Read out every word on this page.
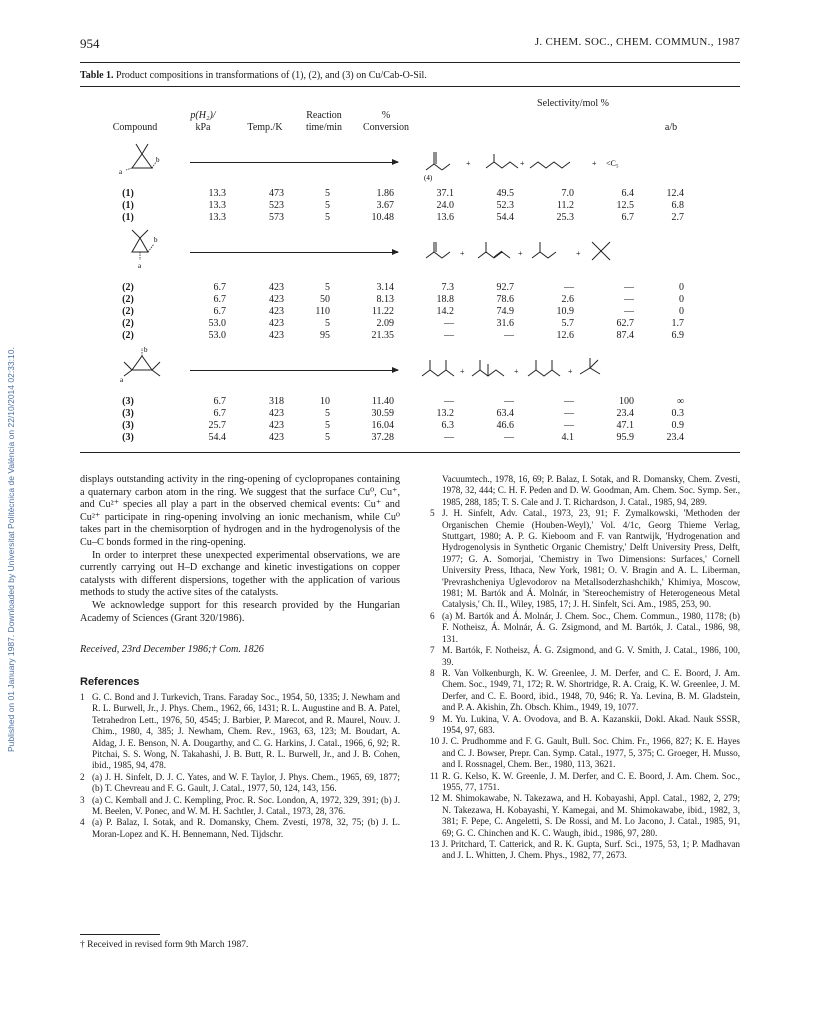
Published on 01 January 1987. Downloaded by Universitat Politècnica de València on 22/10/2014 02:33:10.
954	J. CHEM. SOC., CHEM. COMMUN., 1987
Table 1. Product compositions in transformations of (1), (2), and (3) on Cu/Cab-O-Sil.
Selectivity/mol %
Compound
p(H₂)/
kPa	Temp./K
Reaction
time/min
%
Conversion	a/b
a
b
(4)
+	+	+ <C₅
(1)	13.3	473	5	1.86	37.1	49.5	7.0	6.4	12.4
(1)	13.3	523	5	3.67	24.0	52.3	11.2	12.5	6.8
(1)	13.3	573	5	10.48	13.6	54.4	25.3	6.7	2.7
b
a
+	+	+
(2)	6.7	423	5	3.14	7.3	92.7	—	—	0
(2)	6.7	423	50	8.13	18.8	78.6	2.6	—	0
(2)	6.7	423	110	11.22	14.2	74.9	10.9	—	0
(2)	53.0	423	5	2.09	—	31.6	5.7	62.7	1.7
(2)	53.0	423	95	21.35	—	—	12.6	87.4	6.9
b
a
+	+	+
(3)	6.7	318	10	11.40	—	—	—	100	∞
(3)	6.7	423	5	30.59	13.2	63.4	—	23.4	0.3
(3)	25.7	423	5	16.04	6.3	46.6	—	47.1	0.9
(3)	54.4	423	5	37.28	—	—	4.1	95.9	23.4

displays outstanding activity in the ring-opening of cyclopropanes containing a quaternary carbon atom in the ring. We suggest that the surface Cu⁰, Cu⁺, and Cu²⁺ species all play a part in the observed chemical events: Cu⁺ and Cu²⁺ participate in ring-opening involving an ionic mechanism, while Cu⁰ takes part in the chemisorption of hydrogen and in the hydrogenolysis of the Cu–C bonds formed in the ring-opening.

In order to interpret these unexpected experimental observations, we are currently carrying out H–D exchange and kinetic investigations on copper catalysts with different dispersions, together with the application of various methods to study the active sites of the catalysts.

We acknowledge support for this research provided by the Hungarian Academy of Sciences (Grant 320/1986).

Received, 23rd December 1986;† Com. 1826
References

1 G. C. Bond and J. Turkevich, Trans. Faraday Soc., 1954, 50, 1335; J. Newham and R. L. Burwell, Jr., J. Phys. Chem., 1962, 66, 1431; R. L. Augustine and B. A. Patel, Tetrahedron Lett., 1976, 50, 4545; J. Barbier, P. Marecot, and R. Maurel, Nouv. J. Chim., 1980, 4, 385; J. Newham, Chem. Rev., 1963, 63, 123; M. Boudart, A. Aldag, J. E. Benson, N. A. Dougarthy, and C. G. Harkins, J. Catal., 1966, 6, 92; R. Pitchai, S. S. Wong, N. Takahashi, J. B. Butt, R. L. Burwell, Jr., and J. B. Cohen, ibid., 1985, 94, 478.

2 (a) J. H. Sinfelt, D. J. C. Yates, and W. F. Taylor, J. Phys. Chem., 1965, 69, 1877; (b) T. Chevreau and F. G. Gault, J. Catal., 1977, 50, 124, 143, 156.

3 (a) C. Kemball and J. C. Kempling, Proc. R. Soc. London, A, 1972, 329, 391; (b) J. M. Beelen, V. Ponec, and W. M. H. Sachtler, J. Catal., 1973, 28, 376.

4 (a) P. Balaz, I. Sotak, and R. Domansky, Chem. Zvesti, 1978, 32, 75; (b) J. L. Moran-Lopez and K. H. Bennemann, Ned. Tijdschr.

Vacuumtech., 1978, 16, 69; P. Balaz, I. Sotak, and R. Domansky, Chem. Zvesti, 1978, 32, 444; C. H. F. Peden and D. W. Goodman, Am. Chem. Soc. Symp. Ser., 1985, 288, 185; T. S. Cale and J. T. Richardson, J. Catal., 1985, 94, 289.

5 J. H. Sinfelt, Adv. Catal., 1973, 23, 91; F. Zymalkowski, 'Methoden der Organischen Chemie (Houben-Weyl),' Vol. 4/1c, Georg Thieme Verlag, Stuttgart, 1980; A. P. G. Kieboom and F. van Rantwijk, 'Hydrogenation and Hydrogenolysis in Synthetic Organic Chemistry,' Delft University Press, Delft, 1977; G. A. Somorjai, 'Chemistry in Two Dimensions: Surfaces,' Cornell University Press, Ithaca, New York, 1981; O. V. Bragin and A. L. Liberman, 'Prevrashcheniya Uglevodorov na Metallsoderzhashchikh,' Khimiya, Moscow, 1981; M. Bartók and Á. Molnár, in 'Stereochemistry of Heterogeneous Metal Catalysis,' Ch. II., Wiley, 1985, 17; J. H. Sinfelt, Sci. Am., 1985, 253, 90.

6 (a) M. Bartók and Á. Molnár, J. Chem. Soc., Chem. Commun., 1980, 1178; (b) F. Notheisz, Á. Molnár, Á. G. Zsigmond, and M. Bartók, J. Catal., 1986, 98, 131.

7 M. Bartók, F. Notheisz, Á. G. Zsigmond, and G. V. Smith, J. Catal., 1986, 100, 39.

8 R. Van Volkenburgh, K. W. Greenlee, J. M. Derfer, and C. E. Boord, J. Am. Chem. Soc., 1949, 71, 172; R. W. Shortridge, R. A. Craig, K. W. Greenlee, J. M. Derfer, and C. E. Boord, ibid., 1948, 70, 946; R. Ya. Levina, B. M. Gladstein, and P. A. Akishin, Zh. Obsch. Khim., 1949, 19, 1077.

9 M. Yu. Lukina, V. A. Ovodova, and B. A. Kazanskii, Dokl. Akad. Nauk SSSR, 1954, 97, 683.

10 J. C. Prudhomme and F. G. Gault, Bull. Soc. Chim. Fr., 1966, 827; K. E. Hayes and C. J. Bowser, Prepr. Can. Symp. Catal., 1977, 5, 375; C. Groeger, H. Musso, and I. Rossnagel, Chem. Ber., 1980, 113, 3621.

11 R. G. Kelso, K. W. Greenle, J. M. Derfer, and C. E. Boord, J. Am. Chem. Soc., 1955, 77, 1751.

12 M. Shimokawabe, N. Takezawa, and H. Kobayashi, Appl. Catal., 1982, 2, 279; N. Takezawa, H. Kobayashi, Y. Kamegai, and M. Shimokawabe, ibid., 1982, 3, 381; F. Pepe, C. Angeletti, S. De Rossi, and M. Lo Jacono, J. Catal., 1985, 91, 69; G. C. Chinchen and K. C. Waugh, ibid., 1986, 97, 280.

13 J. Pritchard, T. Catterick, and R. K. Gupta, Surf. Sci., 1975, 53, 1; P. Madhavan and J. L. Whitten, J. Chem. Phys., 1982, 77, 2673.

† Received in revised form 9th March 1987.
